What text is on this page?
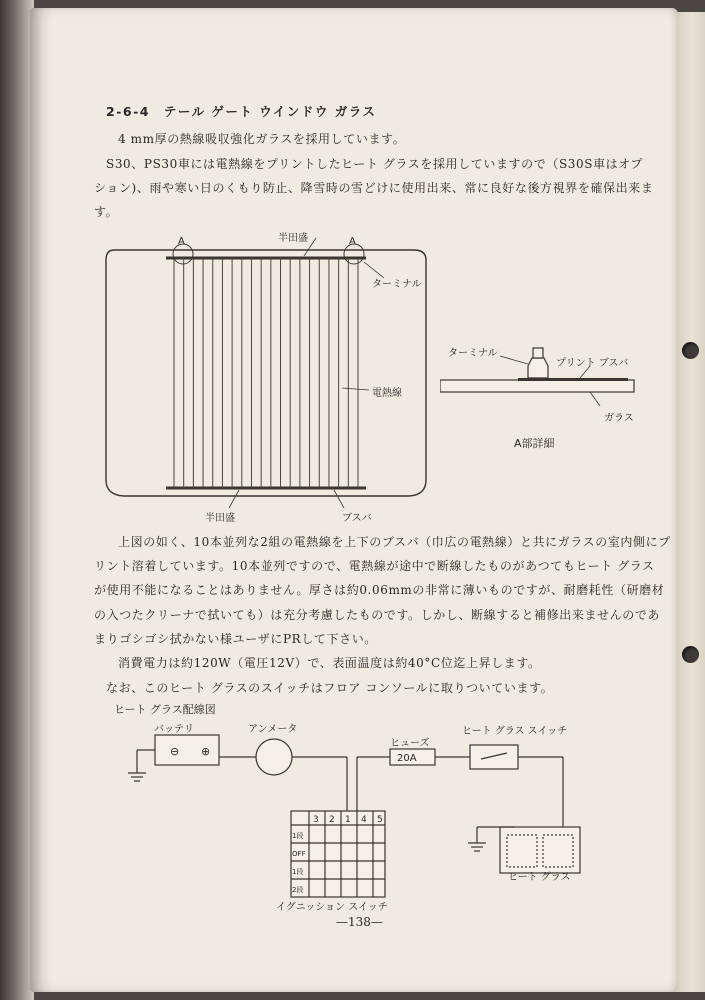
2-6-4 テール ゲート ウインドウ ガラス
4 mm厚の熱線吸収強化ガラスを採用しています。
S30、PS30車には電熱線をプリントしたヒート グラスを採用していますので（S30S車はオプ
ション)、雨や寒い日のくもり防止、降雪時の雪どけに使用出来、常に良好な後方視界を確保出来ま
す。
A	A
半田盛
ターミナル
電熱線
半田盛	ブスバ
ターミナル
プリント ブスバ
ガラス
A部詳細
上図の如く、10本並列な2組の電熱線を上下のブスバ（巾広の電熱線）と共にガラスの室内側にプ
リント溶着しています。10本並列ですので、電熱線が途中で断線したものがあつてもヒート グラス
が使用不能になることはありません。厚さは約0.06mmの非常に薄いものですが、耐磨耗性（研磨材
の入つたクリーナで拭いても）は充分考慮したものです。しかし、断線すると補修出来ませんのであ
まりゴシゴシ拭かない様ユーザにPRして下さい。
消費電力は約120W（電圧12V）で、表面温度は約40°C位迄上昇します。
なお、このヒート グラスのスイッチはフロア コンソールに取りついています。
ヒート グラス配線図
⊖ ⊕
20A
3 2 1 4 5
1段
OFF
1段
2段
バッテリ	アンメータ
ヒューズ
ヒート グラス スイッチ
ヒート グラス
イグニッション スイッチ
—138—
